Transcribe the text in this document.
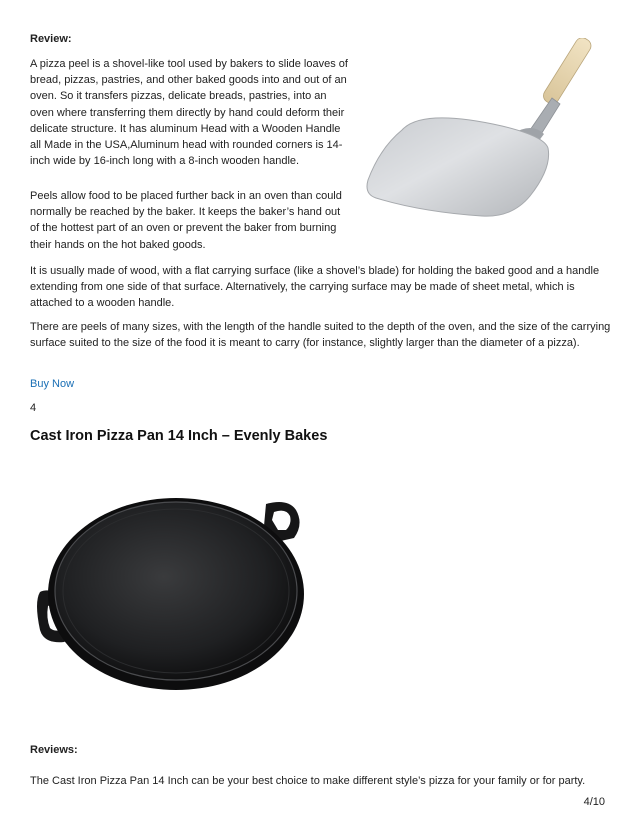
Review:

A pizza peel is a shovel-like tool used by bakers to slide loaves of bread, pizzas, pastries, and other baked goods into and out of an oven. So it transfers pizzas, delicate breads, pastries, into an oven where transferring them directly by hand could deform their delicate structure. It has aluminum Head with a Wooden Handle all Made in the USA,Aluminum head with rounded corners is 14-inch wide by 16-inch long with a 8-inch wooden handle.

Peels allow food to be placed further back in an oven than could normally be reached by the baker. It keeps the baker’s hand out of the hottest part of an oven or prevent the baker from burning their hands on the hot baked goods.

It is usually made of wood, with a flat carrying surface (like a shovel’s blade) for holding the baked good and a handle extending from one side of that surface. Alternatively, the carrying surface may be made of sheet metal, which is attached to a wooden handle.

There are peels of many sizes, with the length of the handle suited to the depth of the oven, and the size of the carrying surface suited to the size of the food it is meant to carry (for instance, slightly larger than the diameter of a pizza).

Buy Now

4

Cast Iron Pizza Pan 14 Inch – Evenly Bakes

Reviews:

The Cast Iron Pizza Pan 14 Inch can be your best choice to make different style’s pizza for your family or for party.

4/10
